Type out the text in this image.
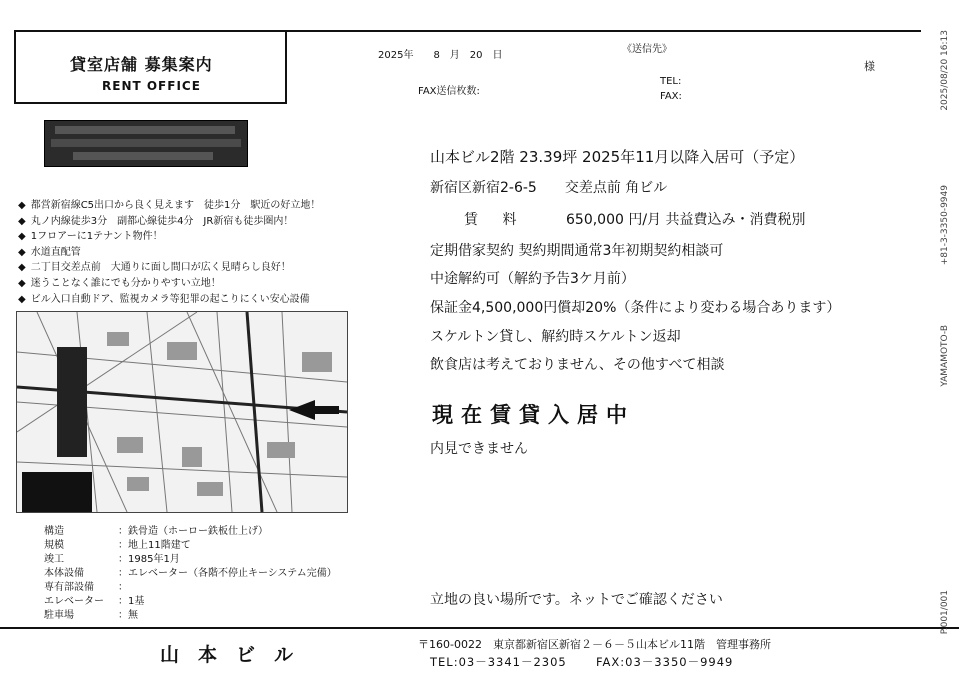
貸室店舗 募集案内
RENT OFFICE
2025年　　8　月　20　日
FAX送信枚数:
《送信先》
様
TEL:
FAX:
◆ 都営新宿線C5出口から良く見えます　徒歩1分　駅近の好立地！
◆ 丸ノ内線徒歩3分　副都心線徒歩4分　JR新宿も徒歩圏内！
◆ 1フロアーに1テナント物件！
◆ 水道直配管
◆ 二丁目交差点前　大通りに面し間口が広く見晴らし良好！
◆ 迷うことなく誰にでも分かりやすい立地！
◆ ビル入口自動ドア、監視カメラ等犯罪の起こりにくい安心設備
構造	：鉄骨造（ホーロー鉄板仕上げ）
規模	：地上11階建て
竣工	：1985年1月
本体設備	：エレベーター（各階不停止キーシステム完備）
専有部設備	：
エレベーター	：1基
駐車場	：無
山本ビル2階 23.39坪 2025年11月以降入居可（予定）
新宿区新宿2-6-5　　交差点前 角ビル
賃 料	650,000 円/月 共益費込み・消費税別
定期借家契約 契約期間通常3年初期契約相談可
中途解約可（解約予告3ケ月前）
保証金4,500,000円償却20%（条件により変わる場合あります）
スケルトン貸し、解約時スケルトン返却
飲食店は考えておりません、その他すべて相談
現在賃貸入居中
内見できません
立地の良い場所です。ネットでご確認ください
山本ビル	〒160-0022　東京都新宿区新宿２－６－５山本ビル11階　管理事務所
TEL:03－3341－2305	FAX:03－3350－9949
2025/08/20 16:13
+81-3-3350-9949
YAMAMOTO-B
P.001/001
